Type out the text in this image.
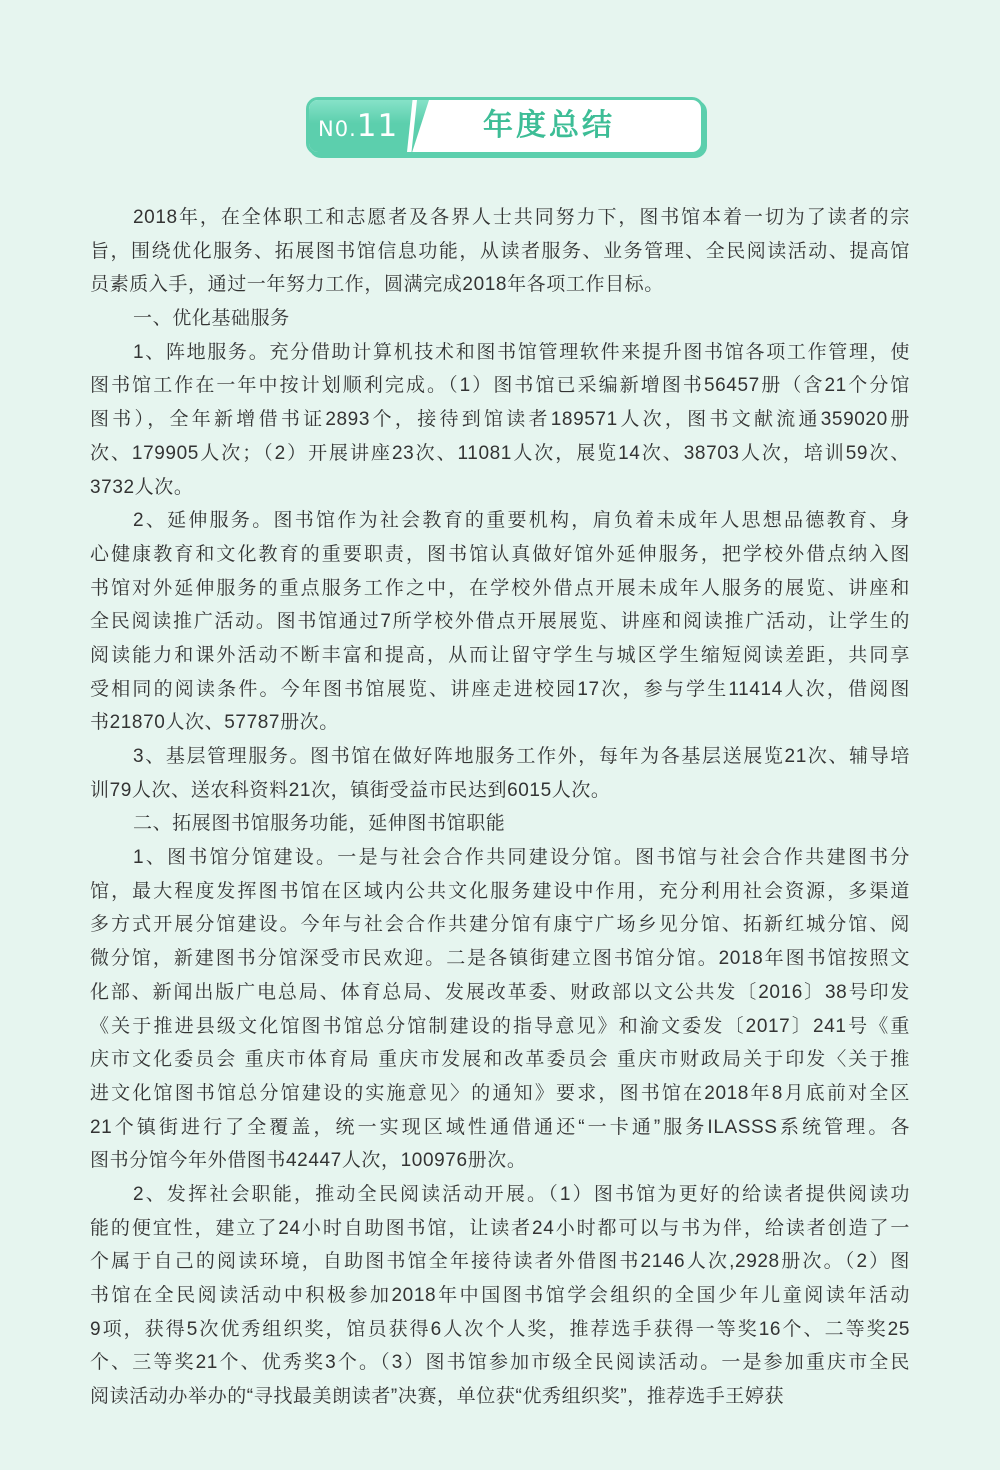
N0.11	年度总结
2018年，在全体职工和志愿者及各界人士共同努力下，图书馆本着一切为了读者的宗
旨，围绕优化服务、拓展图书馆信息功能，从读者服务、业务管理、全民阅读活动、提高馆
员素质入手，通过一年努力工作，圆满完成2018年各项工作目标。
一、优化基础服务
1、阵地服务。充分借助计算机技术和图书馆管理软件来提升图书馆各项工作管理，使
图书馆工作在一年中按计划顺利完成。（1）图书馆已采编新增图书56457册（含21个分馆
图书），全年新增借书证2893个，接待到馆读者189571人次，图书文献流通359020册
次、179905人次；（2）开展讲座23次、11081人次，展览14次、38703人次，培训59次、
3732人次。
2、延伸服务。图书馆作为社会教育的重要机构，肩负着未成年人思想品德教育、身
心健康教育和文化教育的重要职责，图书馆认真做好馆外延伸服务，把学校外借点纳入图
书馆对外延伸服务的重点服务工作之中，在学校外借点开展未成年人服务的展览、讲座和
全民阅读推广活动。图书馆通过7所学校外借点开展展览、讲座和阅读推广活动，让学生的
阅读能力和课外活动不断丰富和提高，从而让留守学生与城区学生缩短阅读差距，共同享
受相同的阅读条件。今年图书馆展览、讲座走进校园17次，参与学生11414人次，借阅图
书21870人次、57787册次。
3、基层管理服务。图书馆在做好阵地服务工作外，每年为各基层送展览21次、辅导培
训79人次、送农科资料21次，镇街受益市民达到6015人次。
二、拓展图书馆服务功能，延伸图书馆职能
1、图书馆分馆建设。一是与社会合作共同建设分馆。图书馆与社会合作共建图书分
馆，最大程度发挥图书馆在区域内公共文化服务建设中作用，充分利用社会资源，多渠道
多方式开展分馆建设。今年与社会合作共建分馆有康宁广场乡见分馆、拓新红城分馆、阅
微分馆，新建图书分馆深受市民欢迎。二是各镇街建立图书馆分馆。2018年图书馆按照文
化部、新闻出版广电总局、体育总局、发展改革委、财政部以文公共发〔2016〕38号印发
《关于推进县级文化馆图书馆总分馆制建设的指导意见》和渝文委发〔2017〕241号《重
庆市文化委员会 重庆市体育局 重庆市发展和改革委员会 重庆市财政局关于印发〈关于推
进文化馆图书馆总分馆建设的实施意见〉的通知》要求，图书馆在2018年8月底前对全区
21个镇街进行了全覆盖，统一实现区域性通借通还“一卡通”服务ILASSS系统管理。各
图书分馆今年外借图书42447人次，100976册次。
2、发挥社会职能，推动全民阅读活动开展。（1）图书馆为更好的给读者提供阅读功
能的便宜性，建立了24小时自助图书馆，让读者24小时都可以与书为伴，给读者创造了一
个属于自己的阅读环境，自助图书馆全年接待读者外借图书2146人次,2928册次。（2）图
书馆在全民阅读活动中积极参加2018年中国图书馆学会组织的全国少年儿童阅读年活动
9项，获得5次优秀组织奖，馆员获得6人次个人奖，推荐选手获得一等奖16个、二等奖25
个、三等奖21个、优秀奖3个。（3）图书馆参加市级全民阅读活动。一是参加重庆市全民
阅读活动办举办的“寻找最美朗读者”决赛，单位获“优秀组织奖”，推荐选手王婷获
